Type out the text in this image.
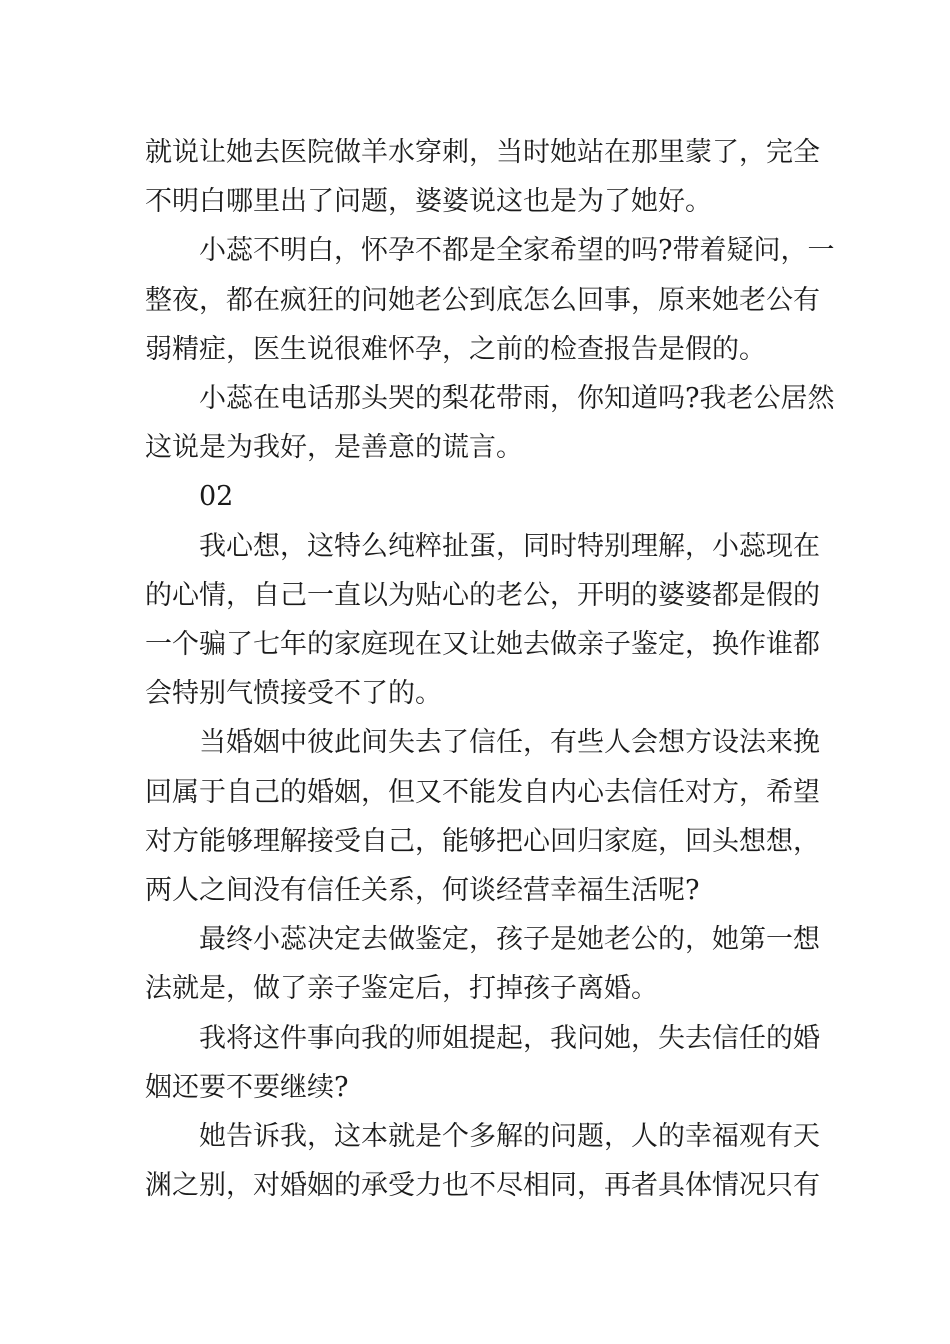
就说让她去医院做羊水穿刺，当时她站在那里蒙了，完全
不明白哪里出了问题，婆婆说这也是为了她好。

小蕊不明白，怀孕不都是全家希望的吗?带着疑问，一
整夜，都在疯狂的问她老公到底怎么回事，原来她老公有
弱精症，医生说很难怀孕，之前的检查报告是假的。

小蕊在电话那头哭的梨花带雨，你知道吗?我老公居然
这说是为我好，是善意的谎言。

02

我心想，这特么纯粹扯蛋，同时特别理解，小蕊现在
的心情，自己一直以为贴心的老公，开明的婆婆都是假的
一个骗了七年的家庭现在又让她去做亲子鉴定，换作谁都
会特别气愤接受不了的。

当婚姻中彼此间失去了信任，有些人会想方设法来挽
回属于自己的婚姻，但又不能发自内心去信任对方，希望
对方能够理解接受自己，能够把心回归家庭，回头想想，
两人之间没有信任关系，何谈经营幸福生活呢?

最终小蕊决定去做鉴定，孩子是她老公的，她第一想
法就是，做了亲子鉴定后，打掉孩子离婚。

我将这件事向我的师姐提起，我问她，失去信任的婚
姻还要不要继续?

她告诉我，这本就是个多解的问题，人的幸福观有天
渊之别，对婚姻的承受力也不尽相同，再者具体情况只有
